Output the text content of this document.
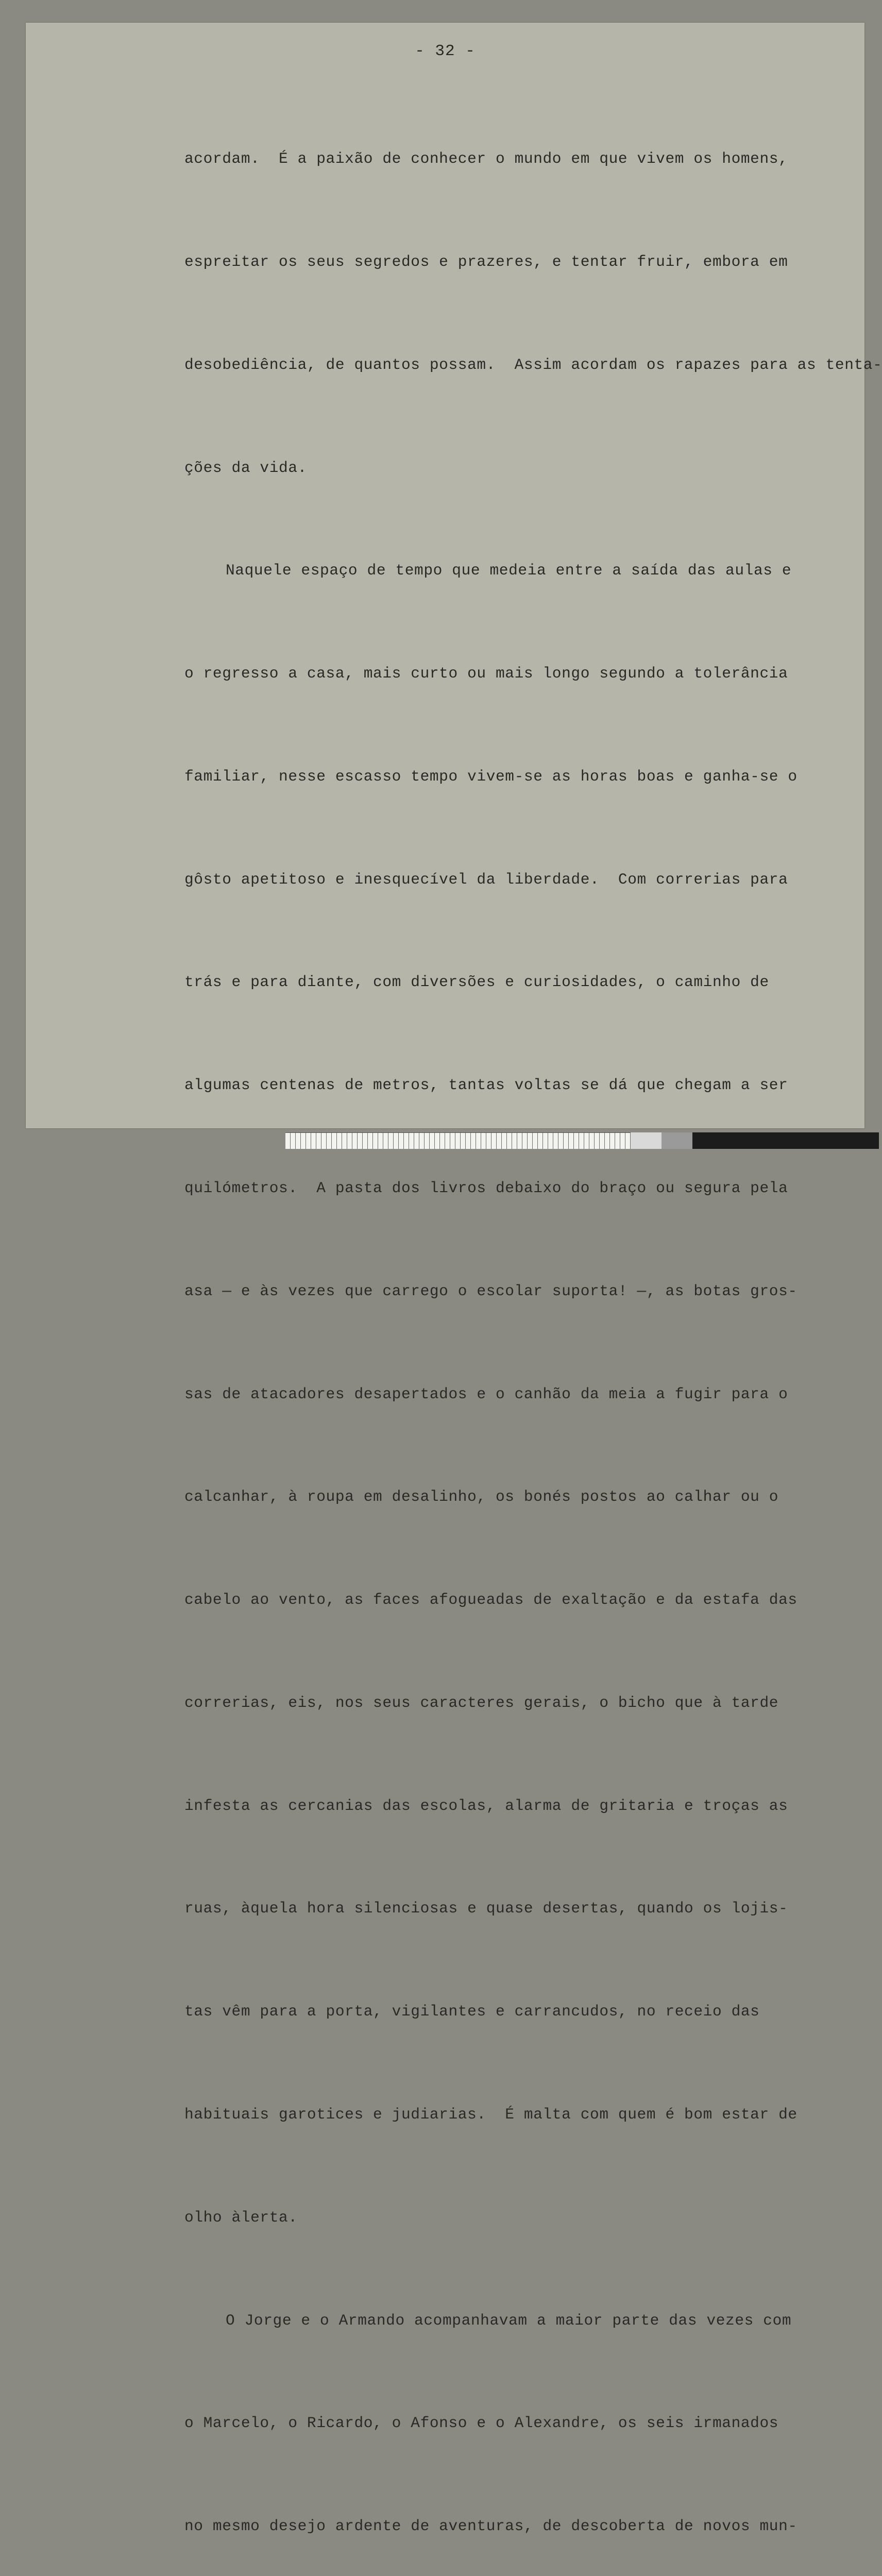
- 32 -

acordam.  É a paixão de conhecer o mundo em que vivem os homens,

espreitar os seus segredos e prazeres, e tentar fruir, embora em

desobediência, de quantos possam.  Assim acordam os rapazes para as tenta-

ções da vida.

Naquele espaço de tempo que medeia entre a saída das aulas e

o regresso a casa, mais curto ou mais longo segundo a tolerância

familiar, nesse escasso tempo vivem-se as horas boas e ganha-se o

gôsto apetitoso e inesquecível da liberdade.  Com correrias para

trás e para diante, com diversões e curiosidades, o caminho de

algumas centenas de metros, tantas voltas se dá que chegam a ser

quilómetros.  A pasta dos livros debaixo do braço ou segura pela

asa — e às vezes que carrego o escolar suporta! —, as botas gros-

sas de atacadores desapertados e o canhão da meia a fugir para o

calcanhar, à roupa em desalinho, os bonés postos ao calhar ou o

cabelo ao vento, as faces afogueadas de exaltação e da estafa das

correrias, eis, nos seus caracteres gerais, o bicho que à tarde

infesta as cercanias das escolas, alarma de gritaria e troças as

ruas, àquela hora silenciosas e quase desertas, quando os lojis-

tas vêm para a porta, vigilantes e carrancudos, no receio das

habituais garotices e judiarias.  É malta com quem é bom estar de

olho àlerta.

O Jorge e o Armando acompanhavam a maior parte das vezes com

o Marcelo, o Ricardo, o Afonso e o Alexandre, os seis irmanados

no mesmo desejo ardente de aventuras, de descoberta de novos mun-
